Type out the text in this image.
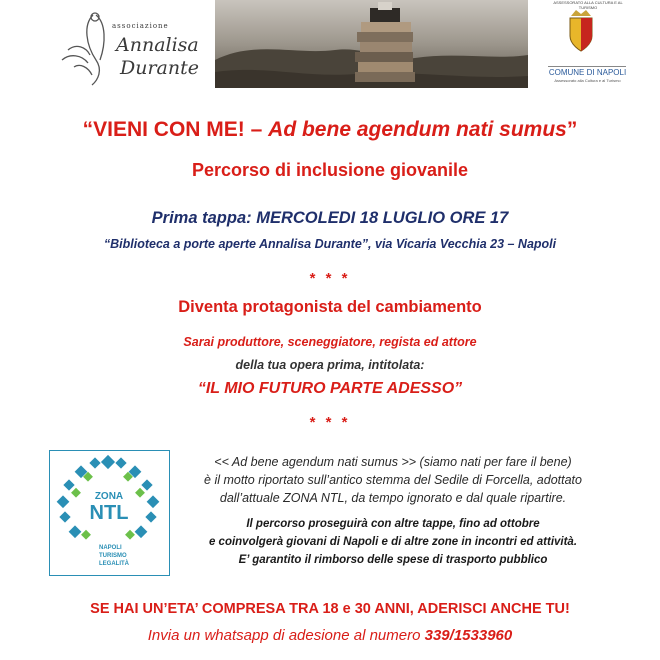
associazione
Annalisa
Durante
ASSESSORATO ALLA CULTURA E AL TURISMO
COMUNE DI NAPOLI
Assessorato alla Cultura e al Turismo
“VIENI CON ME! – Ad bene agendum nati sumus”
Percorso di inclusione giovanile
Prima tappa: MERCOLEDI 18 LUGLIO ORE 17
“Biblioteca a porte aperte Annalisa Durante”, via Vicaria Vecchia 23 – Napoli
* * *
Diventa protagonista del cambiamento
Sarai produttore, sceneggiatore, regista ed attore
della tua opera prima, intitolata:
“IL MIO FUTURO PARTE ADESSO”
* * *
ZONA
NTL
NAPOLI
TURISMO
LEGALITÀ
<< Ad bene agendum nati sumus >> (siamo nati per fare il bene)
è il motto riportato sull’antico stemma del Sedile di Forcella, adottato
dall’attuale ZONA NTL, da tempo ignorato e dal quale ripartire.
Il percorso proseguirà con altre tappe, fino ad ottobre
e coinvolgerà giovani di Napoli e di altre zone in incontri ed attività.
E’ garantito il rimborso delle spese di trasporto pubblico
SE HAI UN’ETA’ COMPRESA TRA 18 e 30 ANNI, ADERISCI ANCHE TU!
Invia un whatsapp di adesione al numero 339/1533960
